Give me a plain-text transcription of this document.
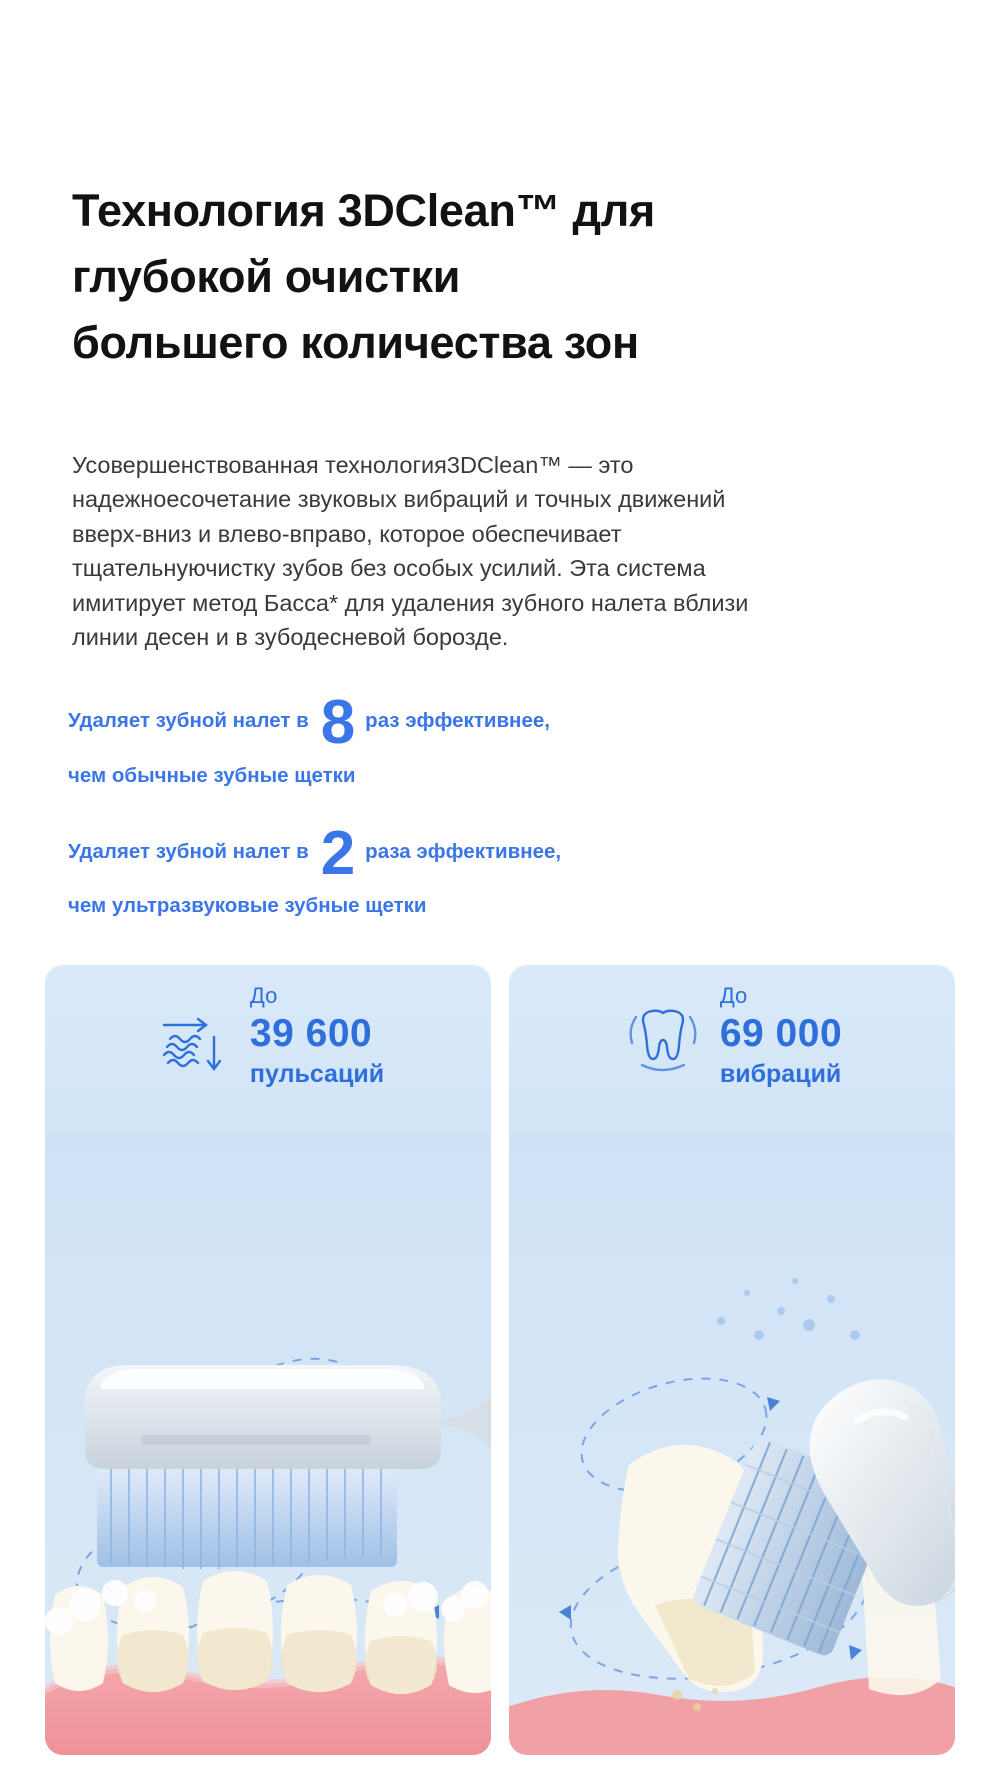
Технология 3DClean™ для
глубокой очистки
большего количества зон

Усовершенствованная технология3DClean™ — это надежноесочетание звуковых вибраций и точных движений вверх-вниз и влево-вправо, которое обеспечивает тщательнуючистку зубов без особых усилий. Эта система имитирует метод Басса* для удаления зубного налета вблизи линии десен и в зубодесневой борозде.

Удаляет зубной налет в 8 раз эффективнее,
чем обычные зубные щетки
Удаляет зубной налет в 2 раза эффективнее,
чем ультразвуковые зубные щетки
До
39 600
пульсаций
До
69 000
вибраций
